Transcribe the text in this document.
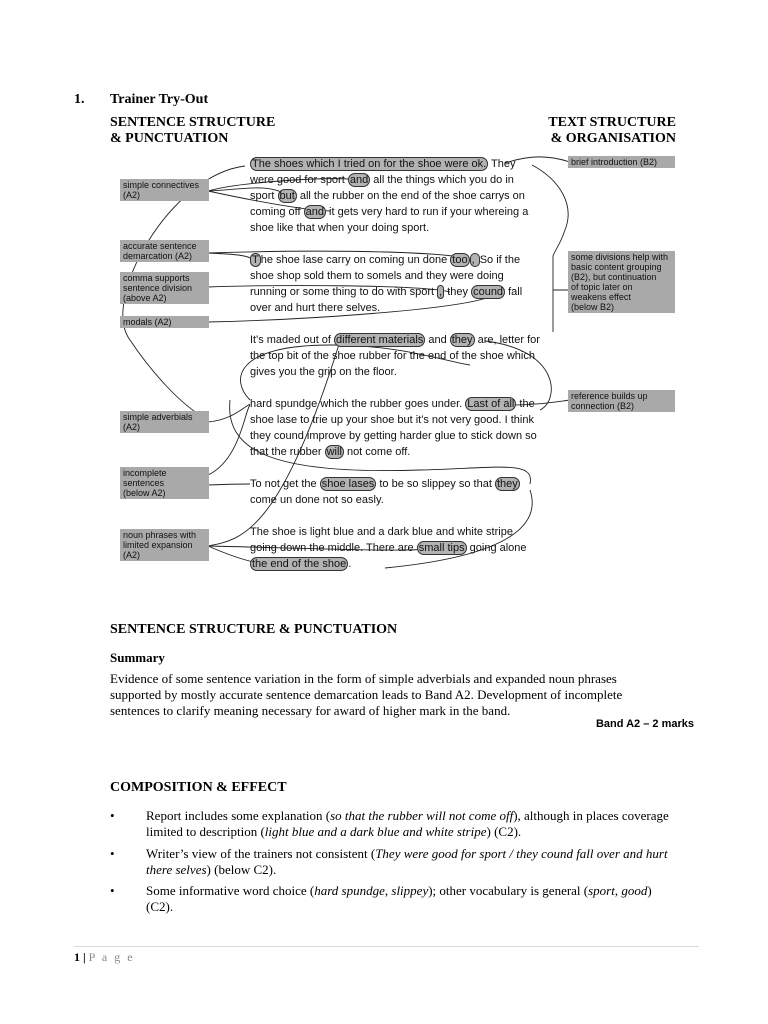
1. Trainer Try-Out
SENTENCE STRUCTURE
& PUNCTUATION
TEXT STRUCTURE
& ORGANISATION
simple connectives
(A2)
accurate sentence
demarcation (A2)
comma supports
sentence division
(above A2)
modals (A2)
simple adverbials
(A2)
incomplete
sentences
(below A2)
noun phrases with
limited expansion
(A2)
brief introduction (B2)
some divisions help with
basic content grouping
(B2), but continuation
of topic later on
weakens effect
(below B2)
reference builds up
connection (B2)
The shoes which I tried on for the shoe were ok. They were good for sport and all the things which you do in sport but all the rubber on the end of the shoe carrys on coming off and it gets very hard to run if your whereing a shoe like that when your doing sport.
T he shoe lase carry on coming un done too , So if the shoe shop sold them to somels and they were doing running or some thing to do with sport , they cound fall over and hurt there selves.
It's maded out of different materials and they are, letter for the top bit of the shoe rubber for the end of the shoe which gives you the grip on the floor.
hard spundge which the rubber goes under. Last of all the shoe lase to trie up your shoe but it's not very good. I think they cound improve by getting harder glue to stick down so that the rubber will not come off.
To not get the shoe lases to be so slippey so that they come un done not so easly.
The shoe is light blue and a dark blue and white stripe going down the middle. There are small tips going alone the end of the shoe .
SENTENCE STRUCTURE & PUNCTUATION
Summary
Evidence of some sentence variation in the form of simple adverbials and expanded noun phrases supported by mostly accurate sentence demarcation leads to Band A2. Development of incomplete sentences to clarify meaning necessary for award of higher mark in the band.
Band A2 – 2 marks
COMPOSITION & EFFECT
• Report includes some explanation (so that the rubber will not come off), although in places coverage limited to description (light blue and a dark blue and white stripe) (C2).
• Writer’s view of the trainers not consistent (They were good for sport / they cound fall over and hurt there selves) (below C2).
• Some informative word choice (hard spundge, slippey); other vocabulary is general (sport, good) (C2).
1 | P a g e
